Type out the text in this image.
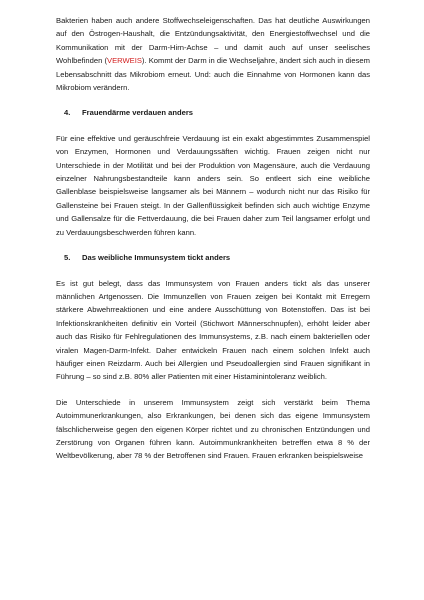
Bakterien haben auch andere Stoffwechseleigenschaften. Das hat deutliche Auswirkungen auf den Östrogen-Haushalt, die Entzündungsaktivität, den Energiestoffwechsel und die Kommunikation mit der Darm-Hirn-Achse – und damit auch auf unser seelisches Wohlbefinden (VERWEIS). Kommt der Darm in die Wechseljahre, ändert sich auch in diesem Lebensabschnitt das Mikrobiom erneut. Und: auch die Einnahme von Hormonen kann das Mikrobiom verändern.

4.	Frauendärme verdauen anders

Für eine effektive und geräuschfreie Verdauung ist ein exakt abgestimmtes Zusammenspiel von Enzymen, Hormonen und Verdauungssäften wichtig. Frauen zeigen nicht nur Unterschiede in der Motilität und bei der Produktion von Magensäure, auch die Verdauung einzelner Nahrungsbestandteile kann anders sein. So entleert sich eine weibliche Gallenblase beispielsweise langsamer als bei Männern – wodurch nicht nur das Risiko für Gallensteine bei Frauen steigt. In der Gallenflüssigkeit befinden sich auch wichtige Enzyme und Gallensalze für die Fettverdauung, die bei Frauen daher zum Teil langsamer erfolgt und zu Verdauungsbeschwerden führen kann.

5.	Das weibliche Immunsystem tickt anders

Es ist gut belegt, dass das Immunsystem von Frauen anders tickt als das unserer männlichen Artgenossen. Die Immunzellen von Frauen zeigen bei Kontakt mit Erregern stärkere Abwehrreaktionen und eine andere Ausschüttung von Botenstoffen. Das ist bei Infektionskrankheiten definitiv ein Vorteil (Stichwort Männerschnupfen), erhöht leider aber auch das Risiko für Fehlregulationen des Immunsystems, z.B. nach einem bakteriellen oder viralen Magen-Darm-Infekt. Daher entwickeln Frauen nach einem solchen Infekt auch häufiger einen Reizdarm. Auch bei Allergien und Pseudoallergien sind Frauen signifikant in Führung – so sind z.B. 80% aller Patienten mit einer Histaminintoleranz weiblich.

Die Unterschiede in unserem Immunsystem zeigt sich verstärkt beim Thema Autoimmunerkrankungen, also Erkrankungen, bei denen sich das eigene Immunsystem fälschlicherweise gegen den eigenen Körper richtet und zu chronischen Entzündungen und Zerstörung von Organen führen kann. Autoimmunkrankheiten betreffen etwa 8 % der Weltbevölkerung, aber 78 % der Betroffenen sind Frauen. Frauen erkranken beispielsweise
